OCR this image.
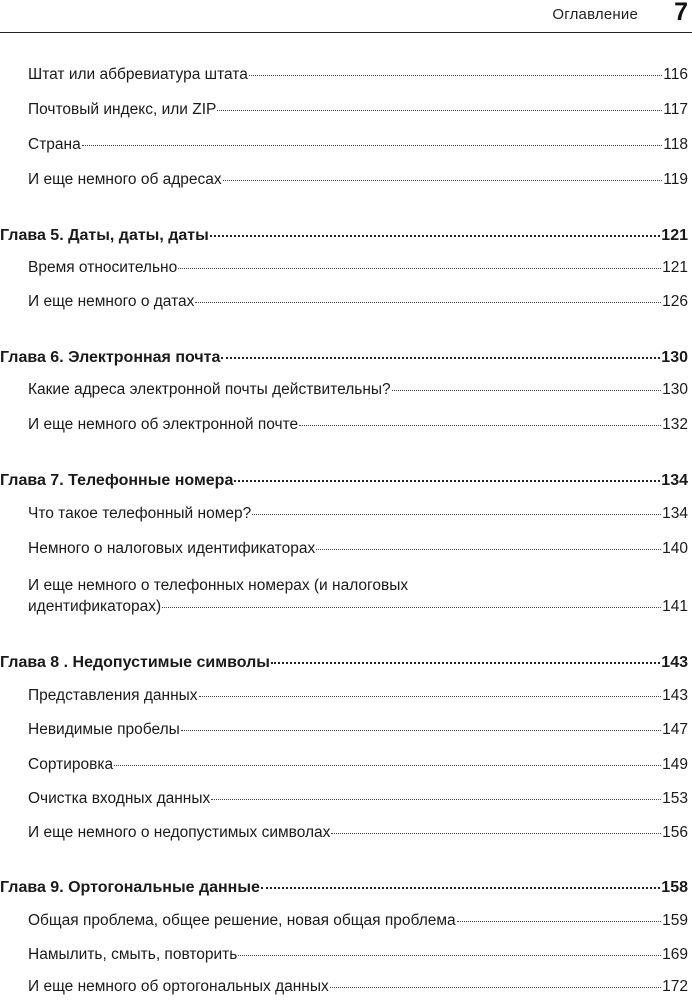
Оглавление 7
Штат или аббревиатура штата	116
Почтовый индекс, или ZIP	117
Страна	118
И еще немного об адресах	119
Глава 5. Даты, даты, даты	121
Время относительно	121
И еще немного о датах	126
Глава 6. Электронная почта	130
Какие адреса электронной почты действительны?	130
И еще немного об электронной почте	132
Глава 7. Телефонные номера	134
Что такое телефонный номер?	134
Немного о налоговых идентификаторах	140
И еще немного о телефонных номерах (и налоговых
идентификаторах)	141
Глава 8 . Недопустимые символы	143
Представления данных	143
Невидимые пробелы	147
Сортировка	149
Очистка входных данных	153
И еще немного о недопустимых символах	156
Глава 9. Ортогональные данные	158
Общая проблема, общее решение, новая общая проблема	159
Намылить, смыть, повторить	169
И еще немного об ортогональных данных	172
